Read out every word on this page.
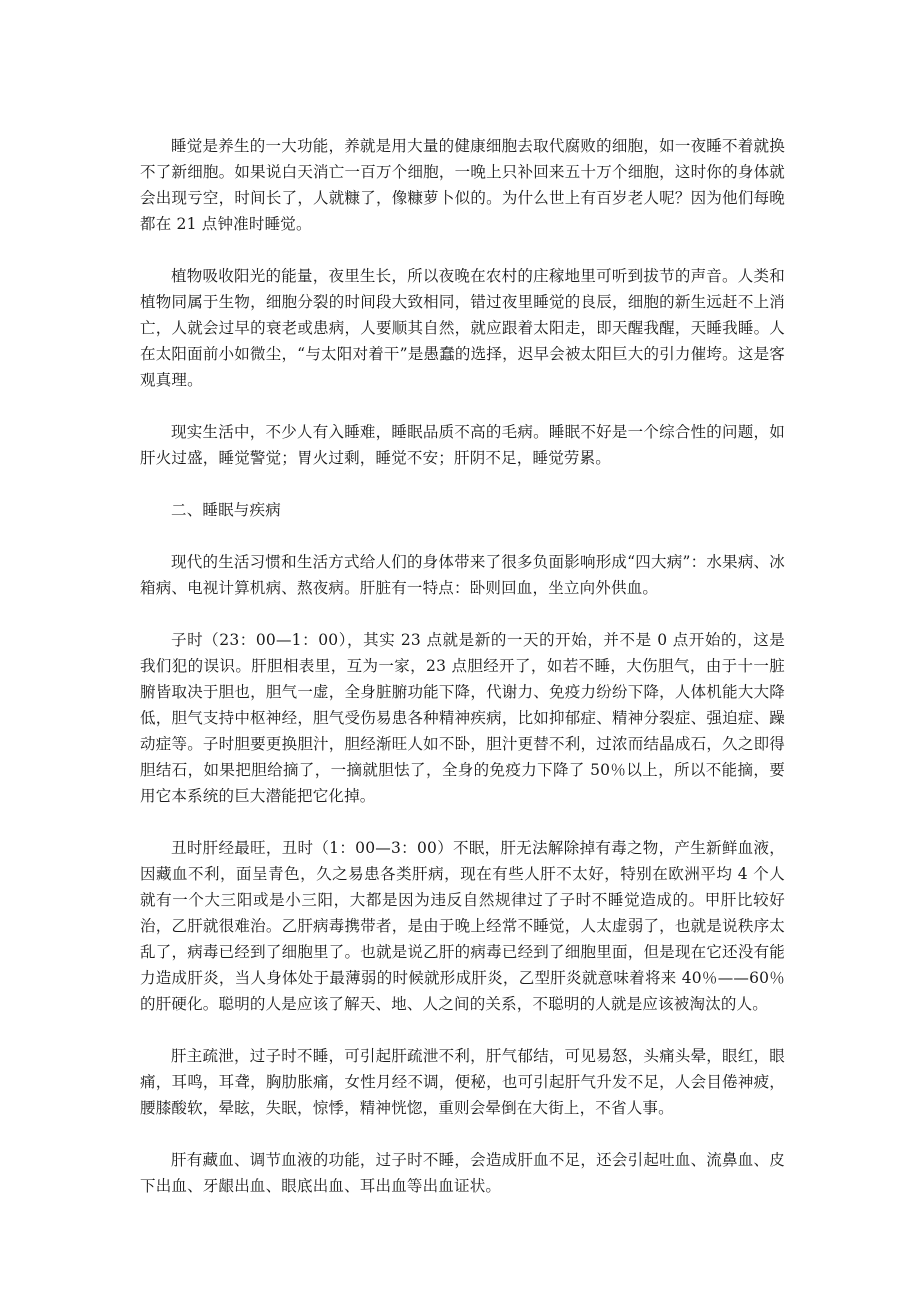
睡觉是养生的一大功能，养就是用大量的健康细胞去取代腐败的细胞，如一夜睡不着就换不了新细胞。如果说白天消亡一百万个细胞，一晚上只补回来五十万个细胞，这时你的身体就会出现亏空，时间长了，人就糠了，像糠萝卜似的。为什么世上有百岁老人呢？因为他们每晚都在 21 点钟准时睡觉。

植物吸收阳光的能量，夜里生长，所以夜晚在农村的庄稼地里可听到拔节的声音。人类和植物同属于生物，细胞分裂的时间段大致相同，错过夜里睡觉的良辰，细胞的新生远赶不上消亡，人就会过早的衰老或患病，人要顺其自然，就应跟着太阳走，即天醒我醒，天睡我睡。人在太阳面前小如微尘，“与太阳对着干”是愚蠢的选择，迟早会被太阳巨大的引力催垮。这是客观真理。

现实生活中，不少人有入睡难，睡眠品质不高的毛病。睡眠不好是一个综合性的问题，如肝火过盛，睡觉警觉；胃火过剩，睡觉不安；肝阴不足，睡觉劳累。

二、睡眠与疾病

现代的生活习惯和生活方式给人们的身体带来了很多负面影响形成“四大病”：水果病、冰箱病、电视计算机病、熬夜病。肝脏有一特点：卧则回血，坐立向外供血。

子时（23：00—1：00），其实 23 点就是新的一天的开始，并不是 0 点开始的，这是我们犯的误识。肝胆相表里，互为一家，23 点胆经开了，如若不睡，大伤胆气，由于十一脏腑皆取决于胆也，胆气一虚，全身脏腑功能下降，代谢力、免疫力纷纷下降，人体机能大大降低，胆气支持中枢神经，胆气受伤易患各种精神疾病，比如抑郁症、精神分裂症、强迫症、躁动症等。子时胆要更换胆汁，胆经渐旺人如不卧，胆汁更替不利，过浓而结晶成石，久之即得胆结石，如果把胆给摘了，一摘就胆怯了，全身的免疫力下降了 50％以上，所以不能摘，要用它本系统的巨大潜能把它化掉。

丑时肝经最旺，丑时（1：00—3：00）不眠，肝无法解除掉有毒之物，产生新鲜血液，因藏血不利，面呈青色，久之易患各类肝病，现在有些人肝不太好，特别在欧洲平均 4 个人就有一个大三阳或是小三阳，大都是因为违反自然规律过了子时不睡觉造成的。甲肝比较好治，乙肝就很难治。乙肝病毒携带者，是由于晚上经常不睡觉，人太虚弱了，也就是说秩序太乱了，病毒已经到了细胞里了。也就是说乙肝的病毒已经到了细胞里面，但是现在它还没有能力造成肝炎，当人身体处于最薄弱的时候就形成肝炎，乙型肝炎就意味着将来 40％——60％的肝硬化。聪明的人是应该了解天、地、人之间的关系，不聪明的人就是应该被淘汰的人。

肝主疏泄，过子时不睡，可引起肝疏泄不利，肝气郁结，可见易怒，头痛头晕，眼红，眼痛，耳鸣，耳聋，胸肋胀痛，女性月经不调，便秘，也可引起肝气升发不足，人会目倦神疲，腰膝酸软，晕眩，失眠，惊悸，精神恍惚，重则会晕倒在大街上，不省人事。

肝有藏血、调节血液的功能，过子时不睡，会造成肝血不足，还会引起吐血、流鼻血、皮下出血、牙龈出血、眼底出血、耳出血等出血证状。
